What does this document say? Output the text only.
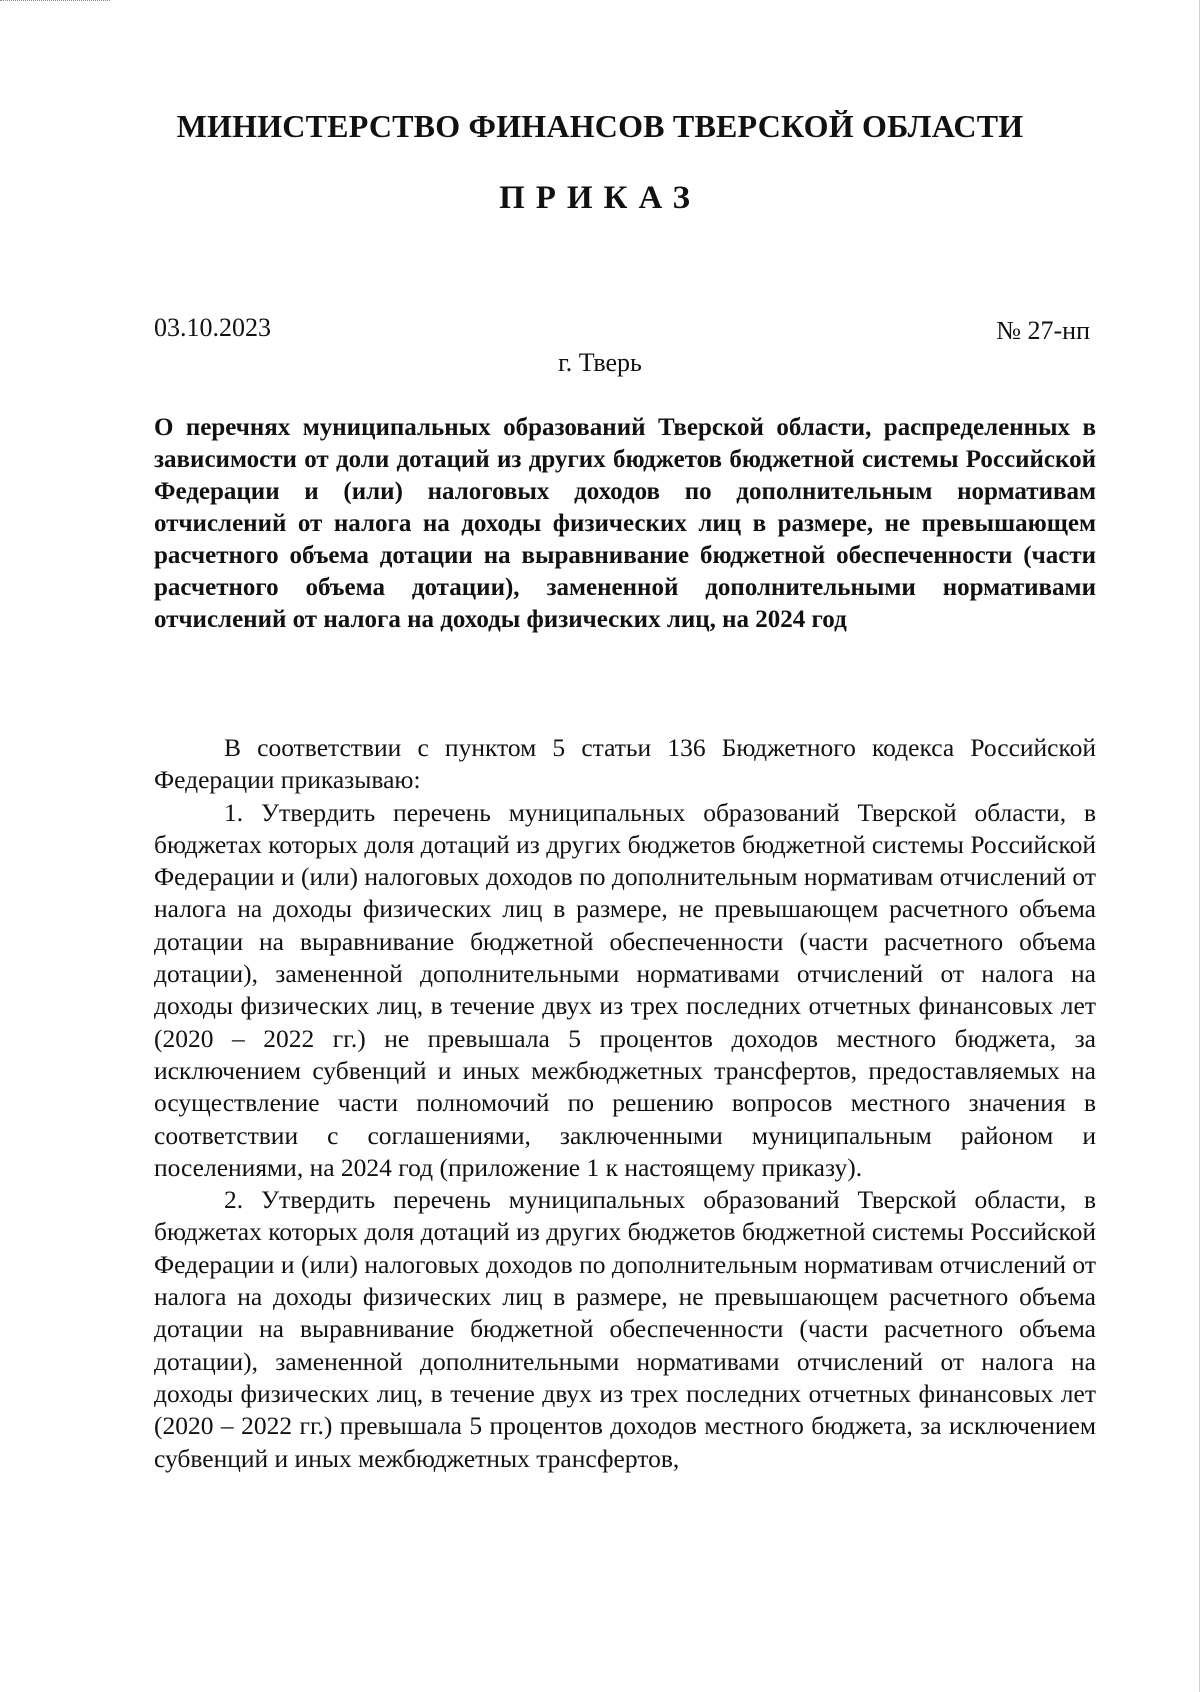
МИНИСТЕРСТВО ФИНАНСОВ ТВЕРСКОЙ ОБЛАСТИ
ПРИКАЗ
03.10.2023	№ 27-нп
г. Тверь
О перечнях муниципальных образований Тверской области, распределенных в зависимости от доли дотаций из других бюджетов бюджетной системы Российской Федерации и (или) налоговых доходов по дополнительным нормативам отчислений от налога на доходы физических лиц в размере, не превышающем расчетного объема дотации на выравнивание бюджетной обеспеченности (части расчетного объема дотации), замененной дополнительными нормативами отчислений от налога на доходы физических лиц, на 2024 год

В соответствии с пунктом 5 статьи 136 Бюджетного кодекса Российской Федерации приказываю:

1. Утвердить перечень муниципальных образований Тверской области, в бюджетах которых доля дотаций из других бюджетов бюджетной системы Российской Федерации и (или) налоговых доходов по дополнительным нормативам отчислений от налога на доходы физических лиц в размере, не превышающем расчетного объема дотации на выравнивание бюджетной обеспеченности (части расчетного объема дотации), замененной дополнительными нормативами отчислений от налога на доходы физических лиц, в течение двух из трех последних отчетных финансовых лет (2020 – 2022 гг.) не превышала 5 процентов доходов местного бюджета, за исключением субвенций и иных межбюджетных трансфертов, предоставляемых на осуществление части полномочий по решению вопросов местного значения в соответствии с соглашениями, заключенными муниципальным районом и поселениями, на 2024 год (приложение 1 к настоящему приказу).

2. Утвердить перечень муниципальных образований Тверской области, в бюджетах которых доля дотаций из других бюджетов бюджетной системы Российской Федерации и (или) налоговых доходов по дополнительным нормативам отчислений от налога на доходы физических лиц в размере, не превышающем расчетного объема дотации на выравнивание бюджетной обеспеченности (части расчетного объема дотации), замененной дополнительными нормативами отчислений от налога на доходы физических лиц, в течение двух из трех последних отчетных финансовых лет (2020 – 2022 гг.) превышала 5 процентов доходов местного бюджета, за исключением субвенций и иных межбюджетных трансфертов,
